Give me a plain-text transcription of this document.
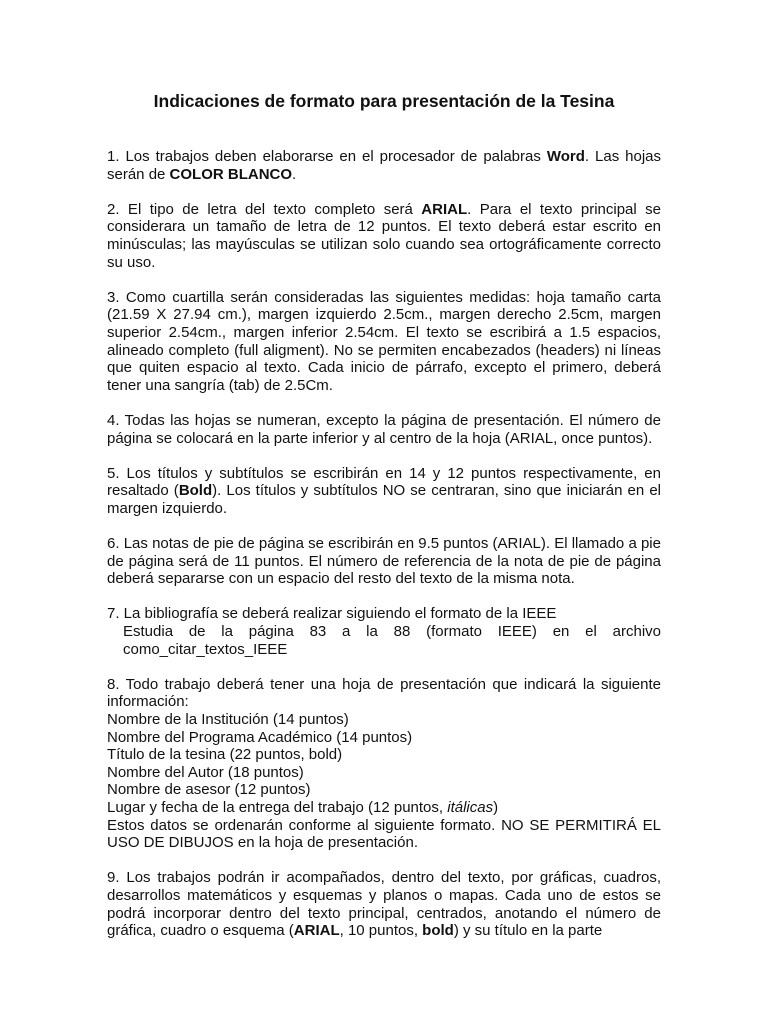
Indicaciones de formato para presentación de la Tesina

1. Los trabajos deben elaborarse en el procesador de palabras Word. Las hojas serán de COLOR BLANCO.

2. El tipo de letra del texto completo será ARIAL. Para el texto principal se considerara un tamaño de letra de 12 puntos. El texto deberá estar escrito en minúsculas; las mayúsculas se utilizan solo cuando sea ortográficamente correcto su uso.

3. Como cuartilla serán consideradas las siguientes medidas: hoja tamaño carta (21.59 X 27.94 cm.), margen izquierdo 2.5cm., margen derecho 2.5cm, margen superior 2.54cm., margen inferior 2.54cm. El texto se escribirá a 1.5 espacios, alineado completo (full aligment). No se permiten encabezados (headers) ni líneas que quiten espacio al texto. Cada inicio de párrafo, excepto el primero, deberá tener una sangría (tab) de 2.5Cm.

4. Todas las hojas se numeran, excepto la página de presentación. El número de página se colocará en la parte inferior y al centro de la hoja (ARIAL, once puntos).

5. Los títulos y subtítulos se escribirán en 14 y 12 puntos respectivamente, en resaltado (Bold). Los títulos y subtítulos NO se centraran, sino que iniciarán en el margen izquierdo.

6. Las notas de pie de página se escribirán en 9.5 puntos (ARIAL). El llamado a pie de página será de 11 puntos. El número de referencia de la nota de pie de página deberá separarse con un espacio del resto del texto de la misma nota.

7. La bibliografía se deberá realizar siguiendo el formato de la IEEE

Estudia de la página 83 a la 88 (formato IEEE) en el archivo como_citar_textos_IEEE

8. Todo trabajo deberá tener una hoja de presentación que indicará la siguiente información:

Nombre de la Institución (14 puntos)

Nombre del Programa Académico (14 puntos)

Título de la tesina (22 puntos, bold)

Nombre del Autor (18 puntos)

Nombre de asesor (12 puntos)

Lugar y fecha de la entrega del trabajo (12 puntos, itálicas)

Estos datos se ordenarán conforme al siguiente formato. NO SE PERMITIRÁ EL USO DE DIBUJOS en la hoja de presentación.

9. Los trabajos podrán ir acompañados, dentro del texto, por gráficas, cuadros, desarrollos matemáticos y esquemas y planos o mapas. Cada uno de estos se podrá incorporar dentro del texto principal, centrados, anotando el número de gráfica, cuadro o esquema (ARIAL, 10 puntos, bold) y su título en la parte
